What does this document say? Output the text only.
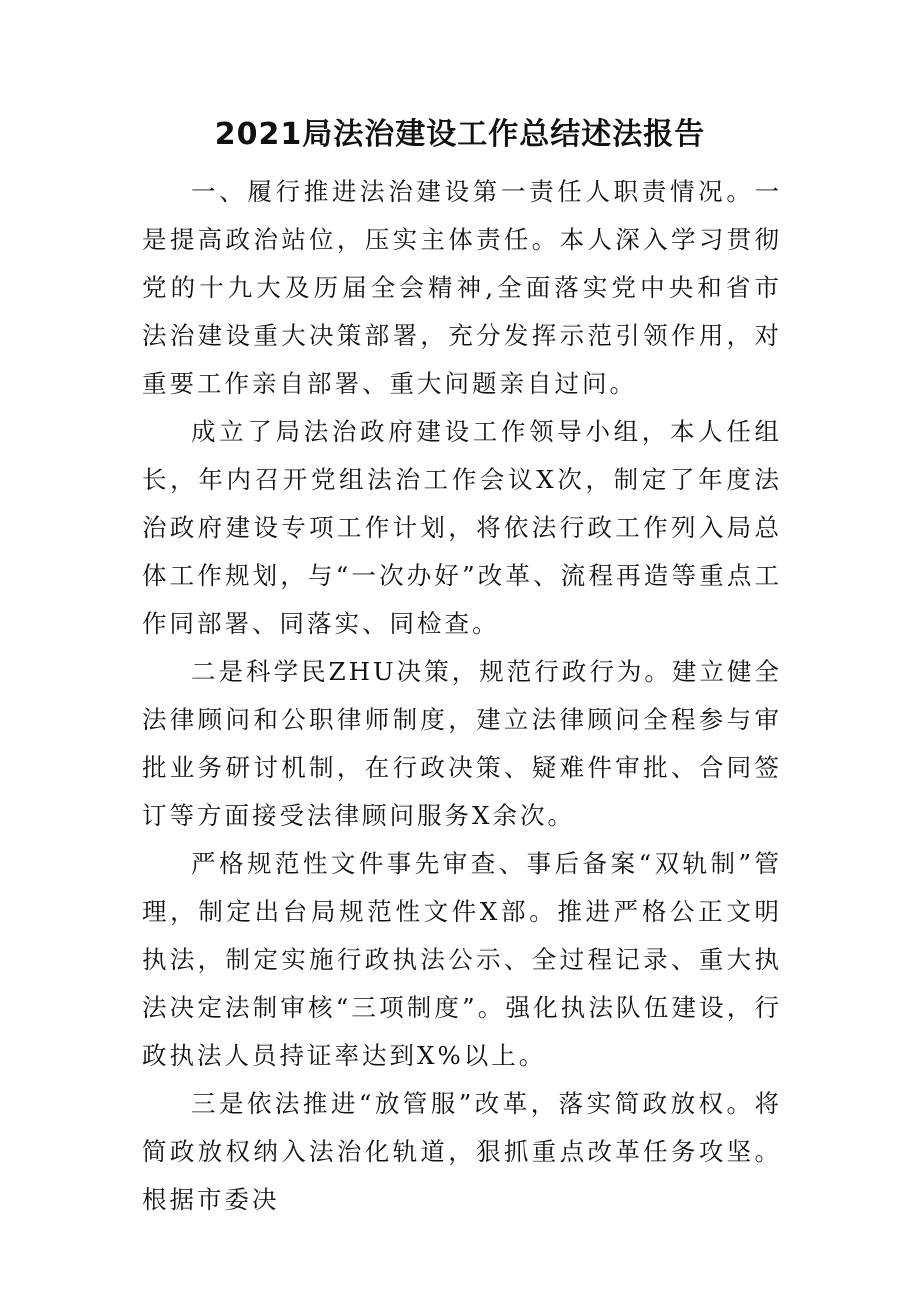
2021局法治建设工作总结述法报告

一、履行推进法治建设第一责任人职责情况。一是提高政治站位，压实主体责任。本人深入学习贯彻党的十九大及历届全会精神,全面落实党中央和省市法治建设重大决策部署，充分发挥示范引领作用，对重要工作亲自部署、重大问题亲自过问。

成立了局法治政府建设工作领导小组，本人任组长，年内召开党组法治工作会议X次，制定了年度法治政府建设专项工作计划，将依法行政工作列入局总体工作规划，与“一次办好”改革、流程再造等重点工作同部署、同落实、同检查。

二是科学民ZHU决策，规范行政行为。建立健全法律顾问和公职律师制度，建立法律顾问全程参与审批业务研讨机制，在行政决策、疑难件审批、合同签订等方面接受法律顾问服务X余次。

严格规范性文件事先审查、事后备案“双轨制”管理，制定出台局规范性文件X部。推进严格公正文明执法，制定实施行政执法公示、全过程记录、重大执法决定法制审核“三项制度”。强化执法队伍建设，行政执法人员持证率达到X%以上。

三是依法推进“放管服”改革，落实简政放权。将简政放权纳入法治化轨道，狠抓重点改革任务攻坚。根据市委决
